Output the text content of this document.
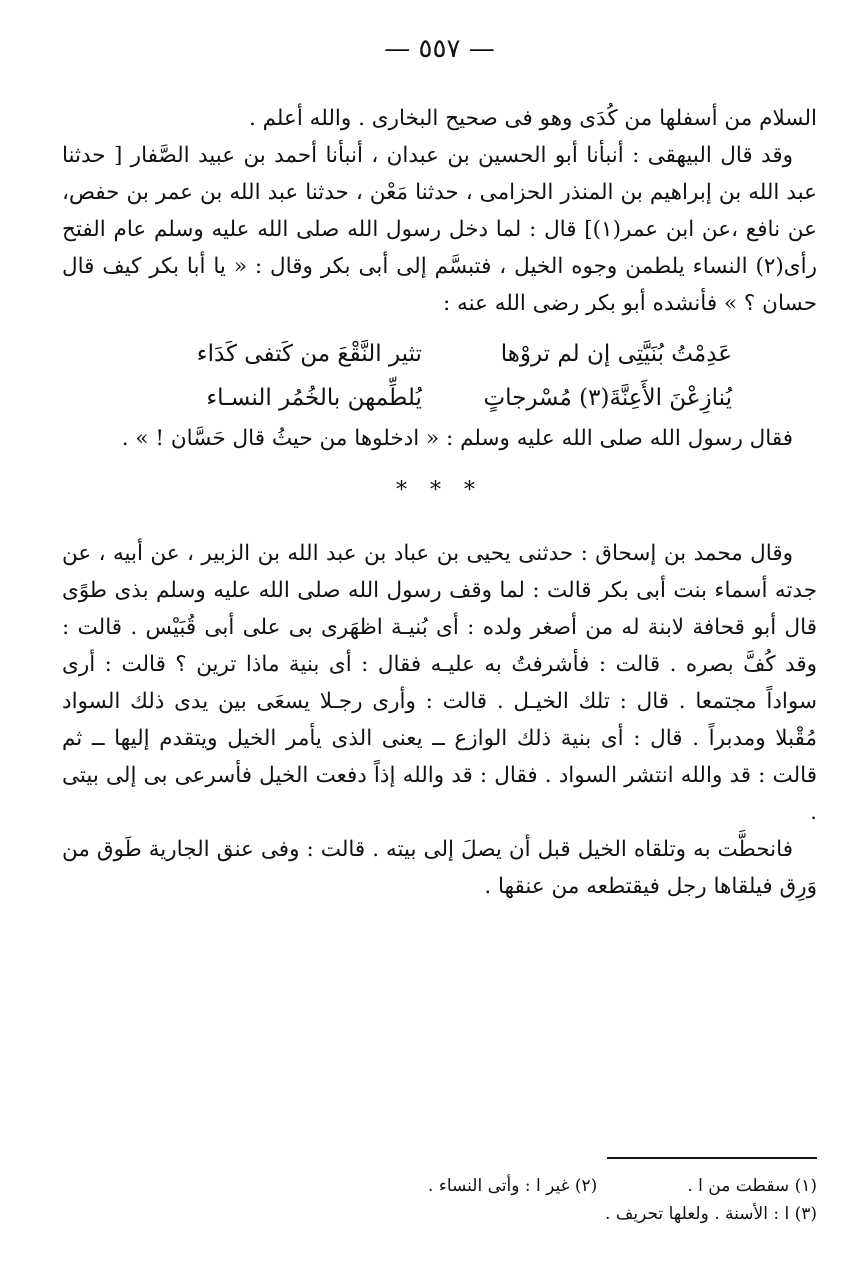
— ٥٥٧ —

السلام من أسفلها من كُدَى وهو فى صحيح البخارى . والله أعلم .

وقد قال البيهقى : أنبأنا أبو الحسين بن عبدان ، أنبأنا أحمد بن عبيد الصَّفار [ حدثنا عبد الله بن إبراهيم بن المنذر الحزامى ، حدثنا مَعْن ، حدثنا عبد الله بن عمر بن حفص، عن نافع ،عن ابن عمر(١)] قال : لما دخل رسول الله صلى الله عليه وسلم عام الفتح رأى(٢) النساء يلطمن وجوه الخيل ، فتبسَّم إلى أبى بكر وقال : « يا أبا بكر كيف قال حسان ؟ » فأنشده أبو بكر رضى الله عنه :

عَدِمْتُ بُنَيَّتِى إن لم تروْها
تثير النَّقْعَ من كَتفى كَدَاء
يُنازِعْنَ الأَعِنَّةَ(٣) مُسْرجاتٍ
يُلطِّمهن بالخُمُر النسـاء

فقال رسول الله صلى الله عليه وسلم : « ادخلوها من حيثُ قال حَسَّان ! » .

* * *

وقال محمد بن إسحاق : حدثنى يحيى بن عباد بن عبد الله بن الزبير ، عن أبيه ، عن جدته أسماء بنت أبى بكر قالت : لما وقف رسول الله صلى الله عليه وسلم بذى طوًى قال أبو قحافة لابنة له من أصغر ولده : أى بُنيـة اظهَرى بى على أبى قُبَيْس . قالت : وقد كُفَّ بصره . قالت : فأشرفتُ به عليـه فقال : أى بنية ماذا ترين ؟ قالت : أرى سواداً مجتمعا . قال : تلك الخيـل . قالت : وأرى رجـلا يسعَى بين يدى ذلك السواد مُقْبلا ومدبراً . قال : أى بنية ذلك الوازع ــ يعنى الذى يأمر الخيل ويتقدم إليها ــ ثم قالت : قد والله انتشر السواد . فقال : قد والله إذاً دفعت الخيل فأسرعى بى إلى بيتى .

فانحطَّت به وتلقاه الخيل قبل أن يصلَ إلى بيته . قالت : وفى عنق الجارية طَوق من وَرِق فيلقاها رجل فيقتطعه من عنقها .

(١) سقطت من ا .
(٢) غير ا : وأتى النساء .
(٣) ا : الأسنة . ولعلها تحريف .
